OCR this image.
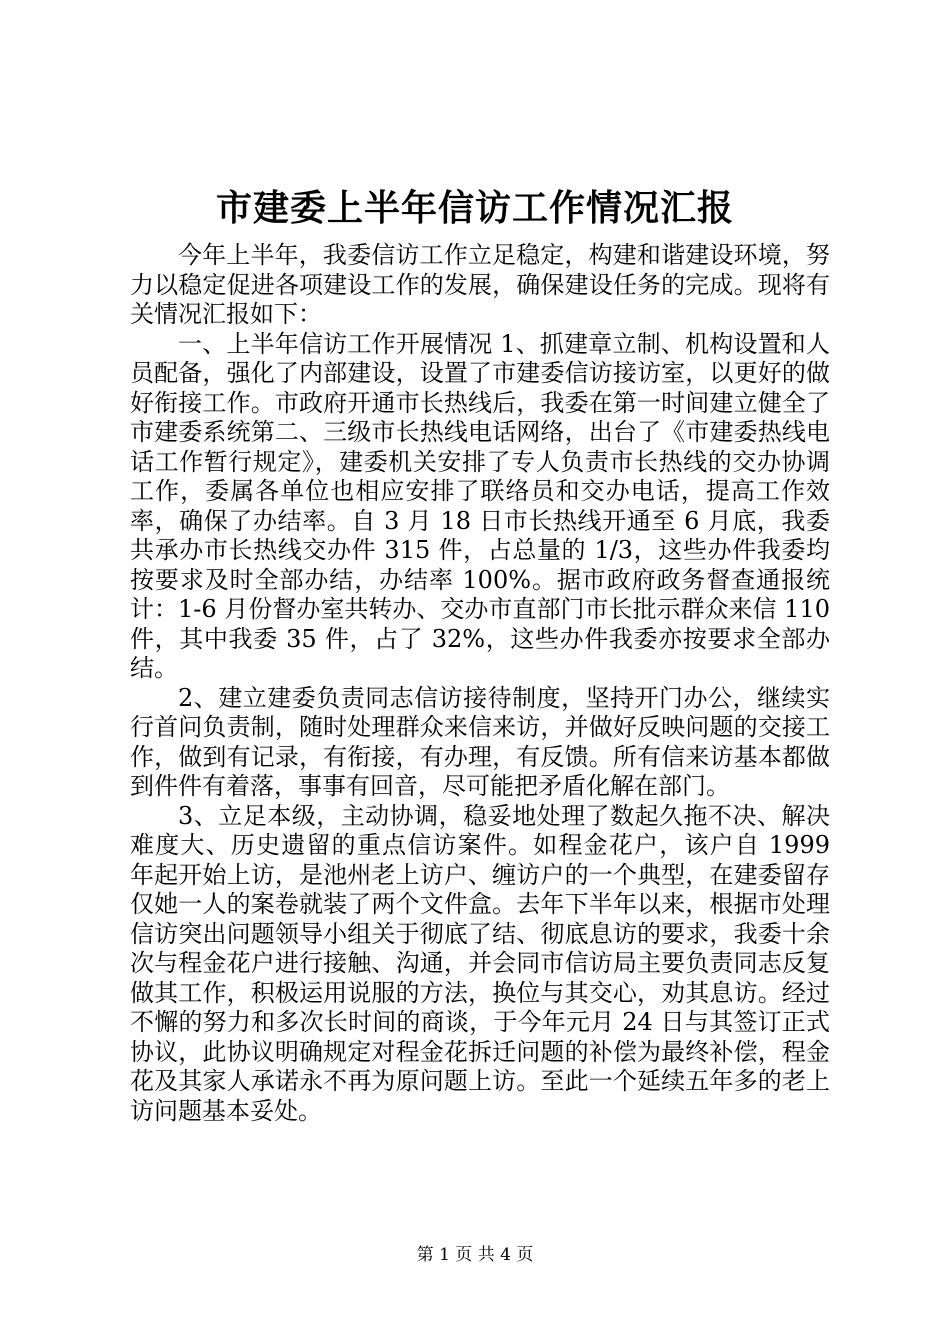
市建委上半年信访工作情况汇报

今年上半年，我委信访工作立足稳定，构建和谐建设环境，努力以稳定促进各项建设工作的发展，确保建设任务的完成。现将有关情况汇报如下：

一、上半年信访工作开展情况 1、抓建章立制、机构设置和人员配备，强化了内部建设，设置了市建委信访接访室，以更好的做好衔接工作。市政府开通市长热线后，我委在第一时间建立健全了市建委系统第二、三级市长热线电话网络，出台了《市建委热线电话工作暂行规定》，建委机关安排了专人负责市长热线的交办协调工作，委属各单位也相应安排了联络员和交办电话，提高工作效率，确保了办结率。自 3 月 18 日市长热线开通至 6 月底，我委共承办市长热线交办件 315 件，占总量的 1/3，这些办件我委均按要求及时全部办结，办结率 100%。据市政府政务督查通报统计：1-6 月份督办室共转办、交办市直部门市长批示群众来信 110 件，其中我委 35 件，占了 32%，这些办件我委亦按要求全部办结。

2、建立建委负责同志信访接待制度，坚持开门办公，继续实行首问负责制，随时处理群众来信来访，并做好反映问题的交接工作，做到有记录，有衔接，有办理，有反馈。所有信来访基本都做到件件有着落，事事有回音，尽可能把矛盾化解在部门。

3、立足本级，主动协调，稳妥地处理了数起久拖不决、解决难度大、历史遗留的重点信访案件。如程金花户，该户自 1999 年起开始上访，是池州老上访户、缠访户的一个典型，在建委留存仅她一人的案卷就装了两个文件盒。去年下半年以来，根据市处理信访突出问题领导小组关于彻底了结、彻底息访的要求，我委十余次与程金花户进行接触、沟通，并会同市信访局主要负责同志反复做其工作，积极运用说服的方法，换位与其交心，劝其息访。经过不懈的努力和多次长时间的商谈，于今年元月 24 日与其签订正式协议，此协议明确规定对程金花拆迁问题的补偿为最终补偿，程金花及其家人承诺永不再为原问题上访。至此一个延续五年多的老上访问题基本妥处。

第 1 页 共 4 页
